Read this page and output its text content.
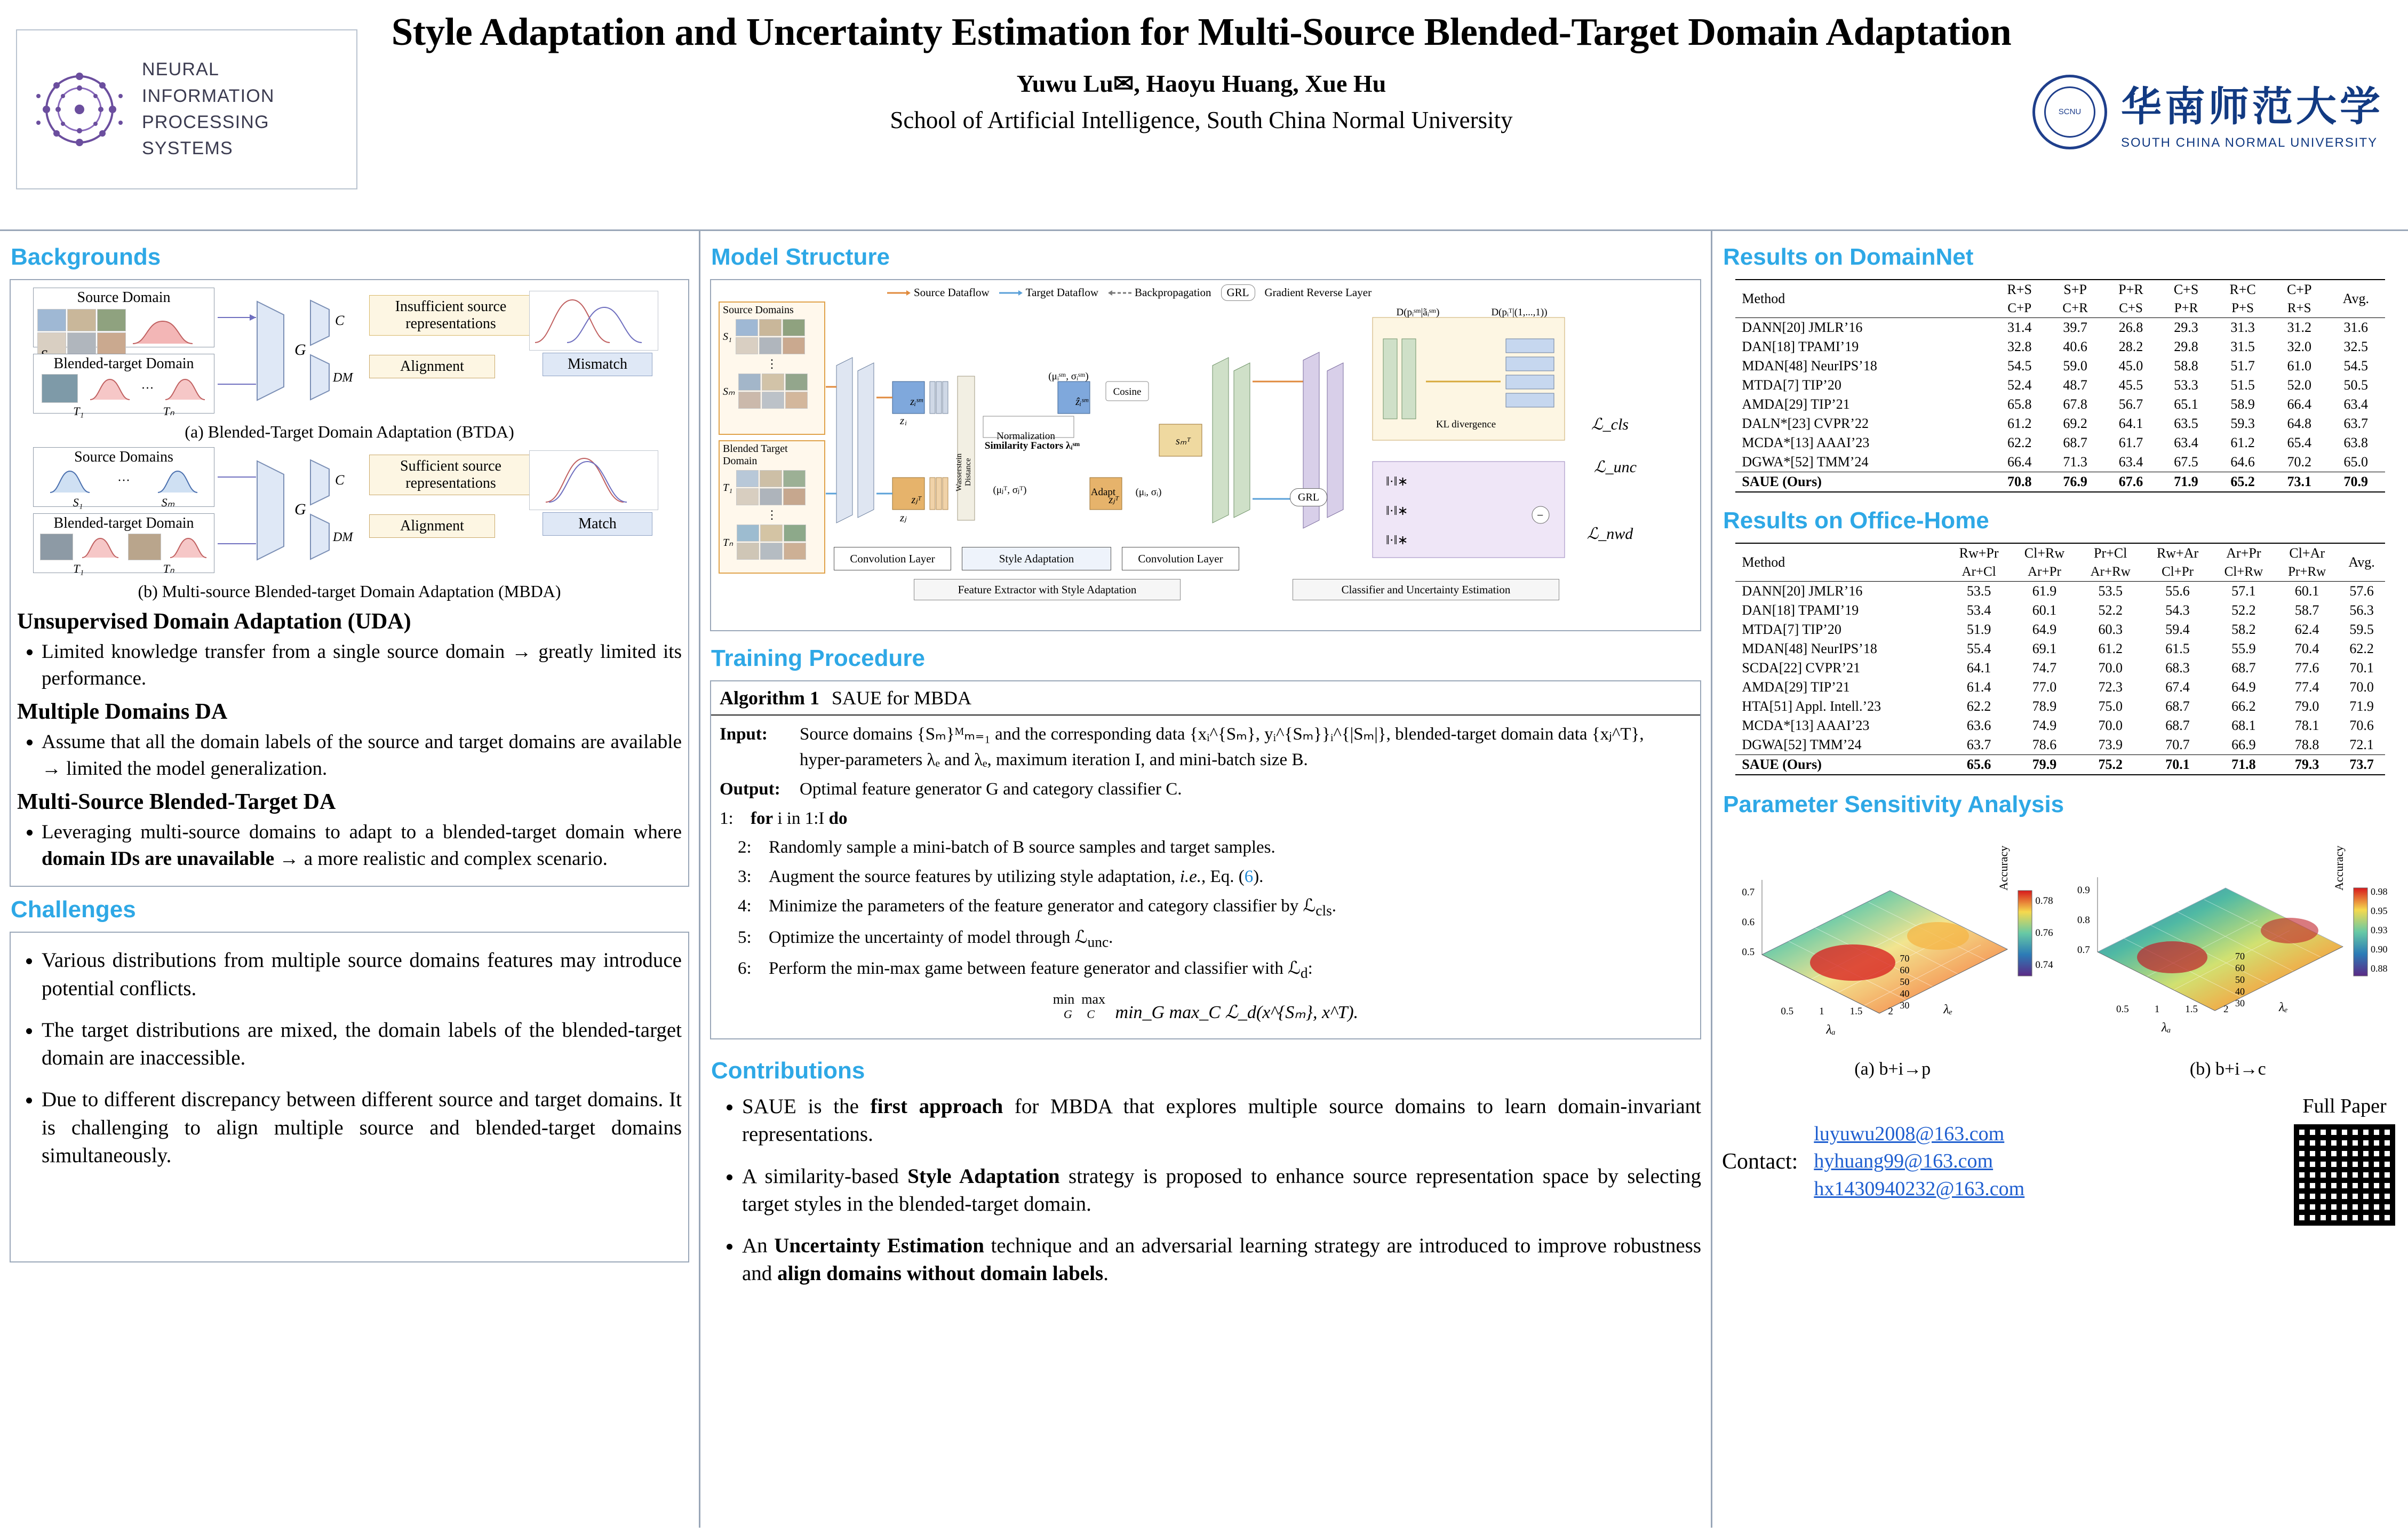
NEURAL INFORMATION PROCESSING SYSTEMS
Style Adaptation and Uncertainty Estimation for Multi-Source Blended-Target Domain Adaptation
Yuwu Lu✉, Haoyu Huang, Xue Hu
School of Artificial Intelligence, South China Normal University	SCNU 华南师范大学
SOUTH CHINA NORMAL UNIVERSITY
Backgrounds
Source Domain
Blended-target Domain
···
T₁	Tₙ
G
C
DM
Insufficient source representations
Alignment	Mismatch
(a) Blended-Target Domain Adaptation (BTDA)
Source Domains
···
S₁	Sₘ
Blended-target Domain
T₁	Tₙ
G
C
DM
Sufficient source representations
Alignment	Match
(b) Multi-source Blended-target Domain Adaptation (MBDA)
Unsupervised Domain Adaptation (UDA)
• Limited knowledge transfer from a single source domain → greatly limited its performance.
Multiple Domains DA
• Assume that all the domain labels of the source and target domains are available → limited the model generalization.
Multi-Source Blended-Target DA
• Leveraging multi-source domains to adapt to a blended-target domain where domain IDs are unavailable → a more realistic and complex scenario.
Challenges
• Various distributions from multiple source domains features may introduce potential conflicts.
• The target distributions are mixed, the domain labels of the blended-target domain are inaccessible.
• Due to different discrepancy between different source and target domains. It is challenging to align multiple source and blended-target domains simultaneously.
Model Structure
Source Dataflow	Target Dataflow	Backpropagation	GRL	Gradient Reverse Layer
Source Domains
S₁
⋮
Sₘ
Blended Target Domain
T₁
⋮
Tₙ
Convolution Layer	Style Adaptation	Convolution Layer
Feature Extractor with Style Adaptation	Classifier and Uncertainty Estimation
z ᵢ
zⱼ	−
‖·‖∗
‖·‖∗
‖·‖∗
Normalization
Similarity Factors λᵢˢᵐ
Wasserstein Distance
Cosine
Adapt
(μᵢˢᵐ, σᵢˢᵐ)
(μⱼᵀ, σⱼᵀ)	(μᵢ, σᵢ)
zᵢˢᵐ
zⱼᵀ
ẑᵢˢᵐ
zⱼᵀ
sₘᵀ
KL divergence
D(pᵢˢᵐ|ãᵢˢᵐ)	D(pᵢᵀ|(1,...,1))
GRL
ℒ_cls
ℒ_unc
ℒ_nwd
Training Procedure
Algorithm 1 SAUE for MBDA
Input:	Source domains {Sₘ}ᴹₘ₌₁ and the corresponding data {xᵢ^{Sₘ}, yᵢ^{Sₘ}}ᵢ^{|Sₘ|}, blended-target domain data {xⱼ^T}, hyper-parameters λₑ and λₑ, maximum iteration I, and mini-batch size B.
Output:	Optimal feature generator G and category classifier C.
1: for i in 1:I do
2: Randomly sample a mini-batch of B source samples and target samples.
3: Augment the source features by utilizing style adaptation, i.e., Eq. (6).
4: Minimize the parameters of the feature generator and category classifier by ℒ$_{cls}$.
5: Optimize the uncertainty of model through ℒ$_{unc}$.
6: Perform the min-max game between feature generator and classifier with ℒ$_d$:
min  max
G     C	min_G max_C ℒ_d(x^{Sₘ}, x^T).
Contributions
• SAUE is the first approach for MBDA that explores multiple source domains to learn domain-invariant representations.
• A similarity-based Style Adaptation strategy is proposed to enhance source representation space by selecting target styles in the blended-target domain.
• An Uncertainty Estimation technique and an adversarial learning strategy are introduced to improve robustness and align domains without domain labels.
Results on DomainNet
Method	R+S	S+P	P+R	C+S	R+C	C+P	Avg.
	C+P	C+R	C+S	P+R	P+S	R+S	
DANN[20] JMLR’16	31.4	39.7	26.8	29.3	31.3	31.2	31.6
DAN[18] TPAMI’19	32.8	40.6	28.2	29.8	31.5	32.0	32.5
MDAN[48] NeurIPS’18	54.5	59.0	45.0	58.8	51.7	61.0	54.5
MTDA[7] TIP’20	52.4	48.7	45.5	53.3	51.5	52.0	50.5
AMDA[29] TIP’21	65.8	67.8	56.7	65.1	58.9	66.4	63.4
DALN*[23] CVPR’22	61.2	69.2	64.1	63.5	59.3	64.8	63.7
MCDA*[13] AAAI’23	62.2	68.7	61.7	63.4	61.2	65.4	63.8
DGWA*[52] TMM’24	66.4	71.3	63.4	67.5	64.6	70.2	65.0
SAUE (Ours)	70.8	76.9	67.6	71.9	65.2	73.1	70.9
Results on Office-Home
Method	Rw+Pr	Cl+Rw	Pr+Cl	Rw+Ar	Ar+Pr	Cl+Ar	Avg.
	Ar+Cl	Ar+Pr	Ar+Rw	Cl+Pr	Cl+Rw	Pr+Rw	
DANN[20] JMLR’16	53.5	61.9	53.5	55.6	57.1	60.1	57.6
DAN[18] TPAMI’19	53.4	60.1	52.2	54.3	52.2	58.7	56.3
MTDA[7] TIP’20	51.9	64.9	60.3	59.4	58.2	62.4	59.5
MDAN[48] NeurIPS’18	55.4	69.1	61.2	61.5	55.9	70.4	62.2
SCDA[22] CVPR’21	64.1	74.7	70.0	68.3	68.7	77.6	70.1
AMDA[29] TIP’21	61.4	77.0	72.3	67.4	64.9	77.4	70.0
HTA[51] Appl. Intell.’23	62.2	78.9	75.0	68.7	66.2	79.0	71.9
MCDA*[13] AAAI’23	63.6	74.9	70.0	68.7	68.1	78.1	70.6
DGWA[52] TMM’24	63.7	78.6	73.9	70.7	66.9	78.8	72.1
SAUE (Ours)	65.6	79.9	75.2	70.1	71.8	79.3	73.7
Parameter Sensitivity Analysis
Accuracy
0.78
0.76
0.74
0.7
0.6
0.5
0.5	1	1.5	2
λₐ
λₑ
70
60
50
40
30
(a) b+i→p
Accuracy
0.98
0.95
0.93
0.90
0.88
0.9
0.8
0.7
0.5	1	1.5	2
λₐ
λₑ
70
60
50
40
30
(b) b+i→c
Contact:
luyuwu2008@163.com
hyhuang99@163.com
hx1430940232@163.com
Full Paper
